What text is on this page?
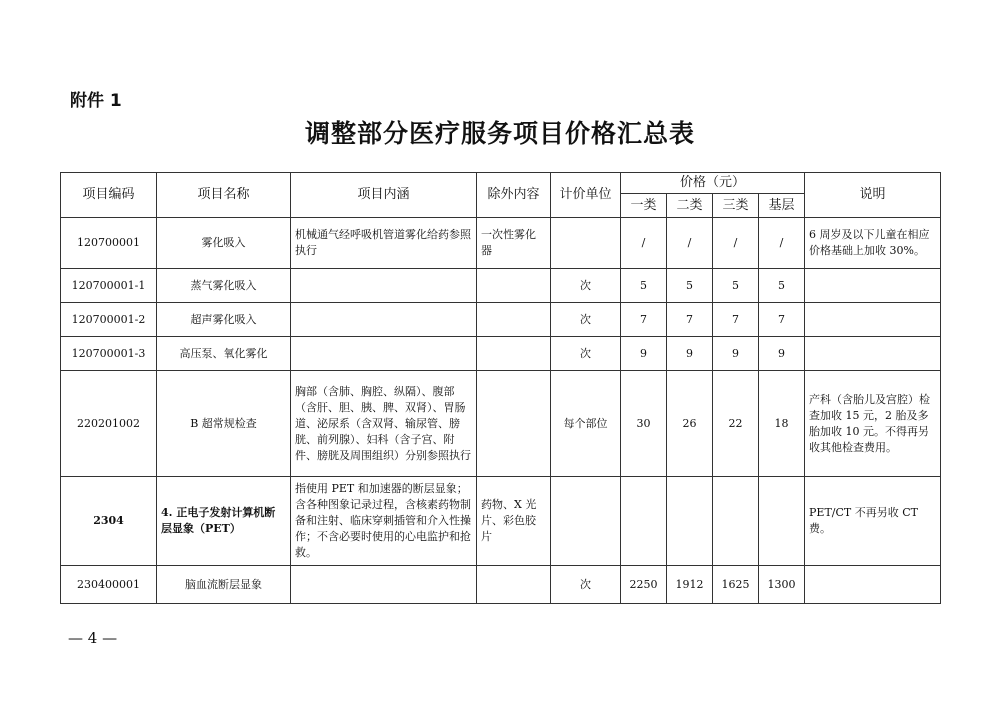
附件 1
调整部分医疗服务项目价格汇总表
项目编码	项目名称	项目内涵	除外内容	计价单位	价格（元）				说明
					一类	二类	三类	基层	
120700001	雾化吸入	机械通气经呼吸机管道雾化给药参照执行	一次性雾化器		/	/	/	/	6 周岁及以下儿童在相应价格基础上加收 30%。
120700001-1	蒸气雾化吸入			次	5	5	5	5	
120700001-2	超声雾化吸入			次	7	7	7	7	
120700001-3	高压泵、氧化雾化			次	9	9	9	9	
220201002	B 超常规检查	胸部（含肺、胸腔、纵隔）、腹部（含肝、胆、胰、脾、双肾）、胃肠道、泌尿系（含双肾、输尿管、膀胱、前列腺）、妇科（含子宫、附件、膀胱及周围组织）分别参照执行		每个部位	30	26	22	18	产科（含胎儿及宫腔）检查加收 15 元，2 胎及多胎加收 10 元。不得再另收其他检查费用。
2304	4. 正电子发射计算机断层显象（PET）	指使用 PET 和加速器的断层显象；含各种图象记录过程，含核素药物制备和注射、临床穿刺插管和介入性操作；不含必要时使用的心电监护和抢救。	药物、X 光片、彩色胶片						PET/CT 不再另收 CT 费。
230400001	脑血流断层显象			次	2250	1912	1625	1300	
— 4 —
